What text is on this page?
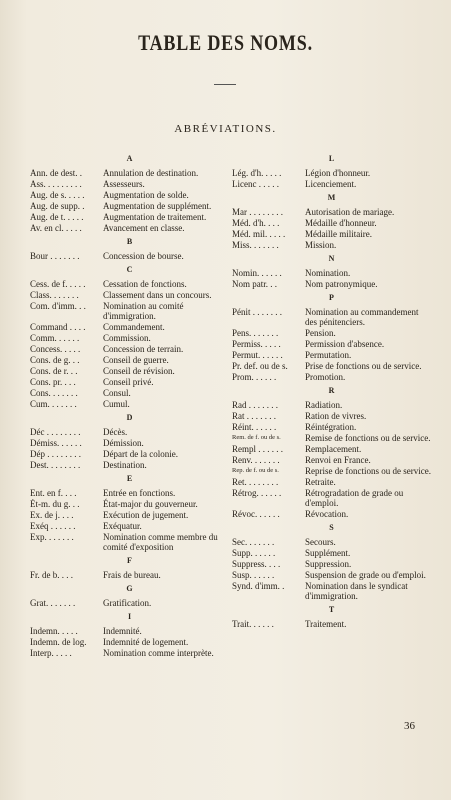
TABLE DES NOMS.
ABRÉVIATIONS.
A
Ann. de dest. .	Annulation de destination.
Ass. . . . . . . . .	Assesseurs.
Aug. de s. . . . .	Augmentation de solde.
Aug. de supp. .	Augmentation de supplément.
Aug. de t. . . . .	Augmentation de traitement.
Av. en cl. . . . .	Avancement en classe.
B
Bour . . . . . . .	Concession de bourse.
C
Cess. de f. . . . .	Cessation de fonctions.
Class. . . . . . .	Classement dans un concours.
Com. d'imm. . .	Nomination au comité d'immigration.
Command . . . .	Commandement.
Comm. . . . . .	Commission.
Concess. . . . .	Concession de terrain.
Cons. de g. . .	Conseil de guerre.
Cons. de r. . .	Conseil de révision.
Cons. pr. . . .	Conseil privé.
Cons. . . . . . .	Consul.
Cum. . . . . . .	Cumul.
D
Déc . . . . . . . .	Décès.
Démiss. . . . . .	Démission.
Dép . . . . . . . .	Départ de la colonie.
Dest. . . . . . . .	Destination.
E
Ent. en f. . . .	Entrée en fonctions.
Ét-m. du g. . .	État-major du gouverneur.
Ex. de j. . . .	Exécution de jugement.
Exéq . . . . . .	Exéquatur.
Exp. . . . . . .	Nomination comme membre du comité d'exposition
F
Fr. de b. . . .	Frais de bureau.
G
Grat. . . . . . .	Gratification.
I
Indemn. . . . .	Indemnité.
Indemn. de log.	Indemnité de logement.
Interp. . . . .	Nomination comme interprète.
L
Lég. d'h. . . . .	Légion d'honneur.
Licenc . . . . .	Licenciement.
M
Mar . . . . . . . .	Autorisation de mariage.
Méd. d'h. . . .	Médaille d'honneur.
Méd. mil. . . . .	Médaille militaire.
Miss. . . . . . .	Mission.
N
Nomin. . . . . .	Nomination.
Nom patr. . .	Nom patronymique.
P
Pénit . . . . . . .	Nomination au commandement des pénitenciers.
Pens. . . . . . .	Pension.
Permiss. . . . .	Permission d'absence.
Permut. . . . . .	Permutation.
Pr. def. ou de s.	Prise de fonctions ou de service.
Prom. . . . . .	Promotion.
R
Rad . . . . . . .	Radiation.
Rat . . . . . . .	Ration de vivres.
Réint. . . . . .	Réintégration.
Rem. de f. ou de s.	Remise de fonctions ou de service.
Rempl . . . . . .	Remplacement.
Renv. . . . . . .	Renvoi en France.
Rep. de f. ou de s.	Reprise de fonctions ou de service.
Ret. . . . . . . .	Retraite.
Rétrog. . . . . .	Rétrogradation de grade ou d'emploi.
Révoc. . . . . .	Révocation.
S
Sec. . . . . . .	Secours.
Supp. . . . . .	Supplément.
Suppress. . . .	Suppression.
Susp. . . . . .	Suspension de grade ou d'emploi.
Synd. d'imm. .	Nomination dans le syndicat d'immigration.
T
Trait. . . . . .	Traitement.
36
